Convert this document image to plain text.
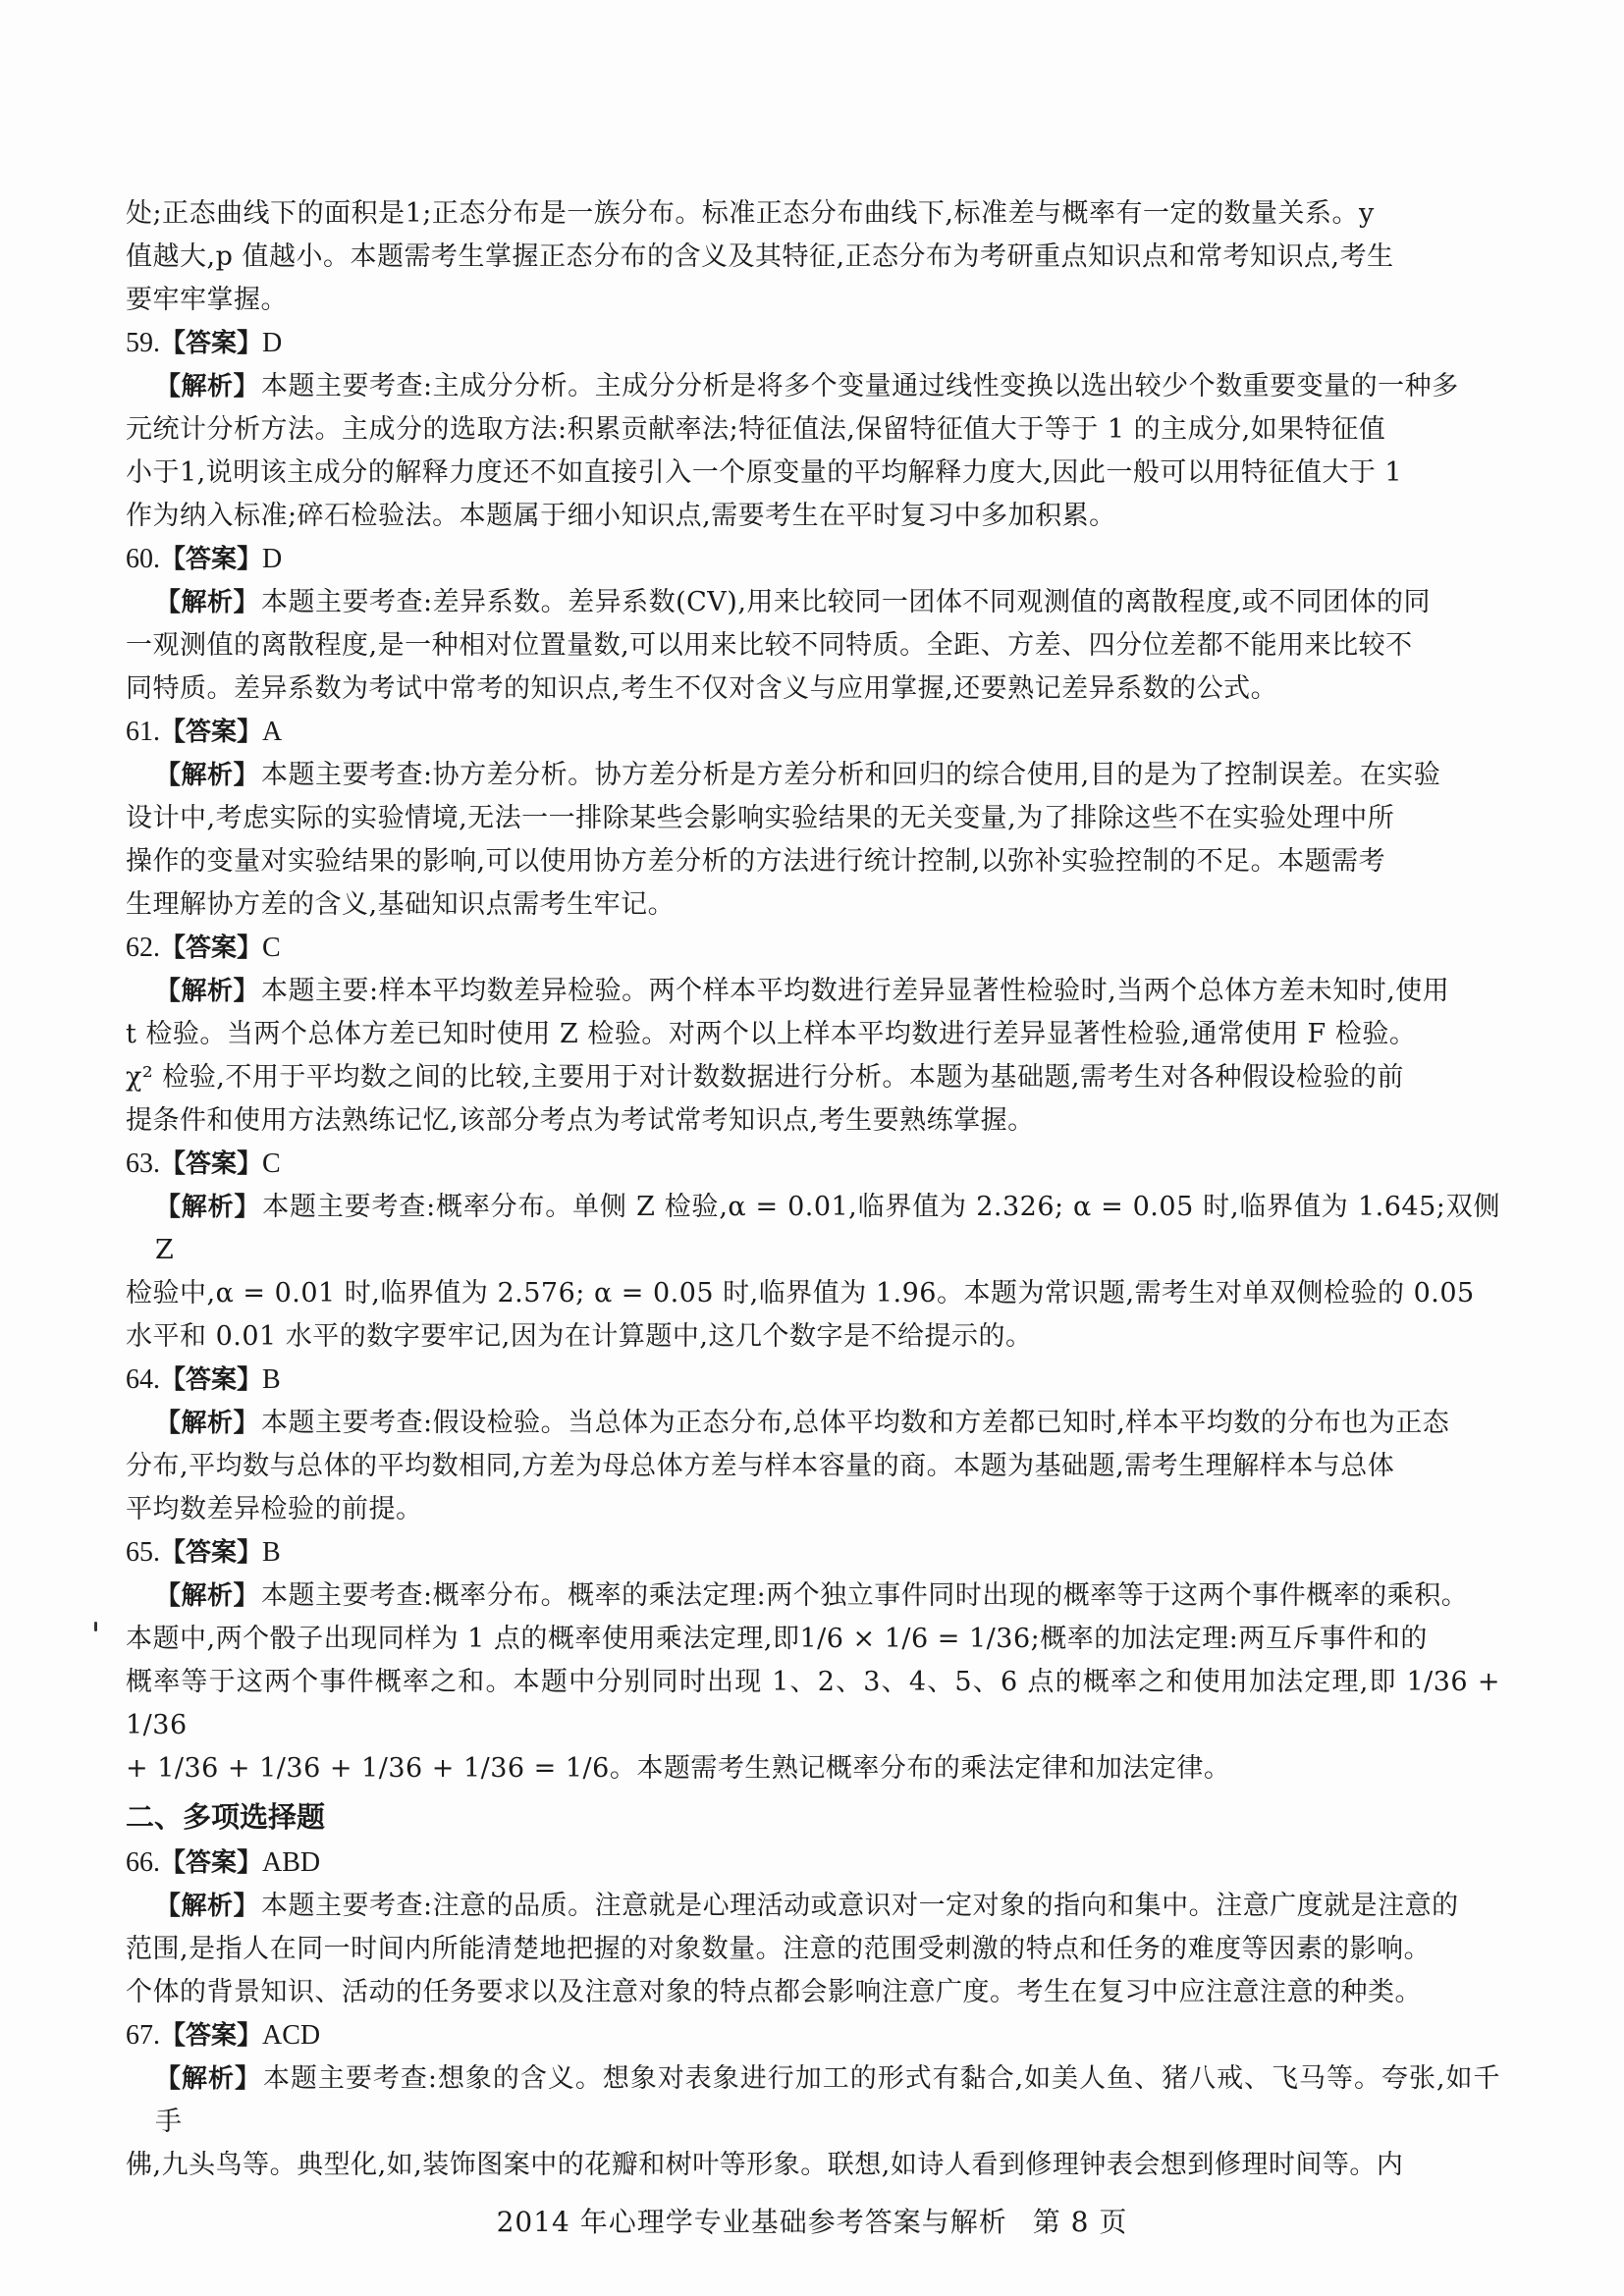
处;正态曲线下的面积是1;正态分布是一族分布。标准正态分布曲线下,标准差与概率有一定的数量关系。y

值越大,p 值越小。本题需考生掌握正态分布的含义及其特征,正态分布为考研重点知识点和常考知识点,考生

要牢牢掌握。

59. 【答案】 D

【解析】本题主要考查:主成分分析。主成分分析是将多个变量通过线性变换以选出较少个数重要变量的一种多

元统计分析方法。主成分的选取方法:积累贡献率法;特征值法,保留特征值大于等于 1 的主成分,如果特征值

小于1,说明该主成分的解释力度还不如直接引入一个原变量的平均解释力度大,因此一般可以用特征值大于 1

作为纳入标准;碎石检验法。本题属于细小知识点,需要考生在平时复习中多加积累。

60. 【答案】 D

【解析】本题主要考查:差异系数。差异系数(CV),用来比较同一团体不同观测值的离散程度,或不同团体的同

一观测值的离散程度,是一种相对位置量数,可以用来比较不同特质。全距、方差、四分位差都不能用来比较不

同特质。差异系数为考试中常考的知识点,考生不仅对含义与应用掌握,还要熟记差异系数的公式。

61. 【答案】 A

【解析】本题主要考查:协方差分析。协方差分析是方差分析和回归的综合使用,目的是为了控制误差。在实验

设计中,考虑实际的实验情境,无法一一排除某些会影响实验结果的无关变量,为了排除这些不在实验处理中所

操作的变量对实验结果的影响,可以使用协方差分析的方法进行统计控制,以弥补实验控制的不足。本题需考

生理解协方差的含义,基础知识点需考生牢记。

62. 【答案】 C

【解析】本题主要:样本平均数差异检验。两个样本平均数进行差异显著性检验时,当两个总体方差未知时,使用

t 检验。当两个总体方差已知时使用 Z 检验。对两个以上样本平均数进行差异显著性检验,通常使用 F 检验。

χ² 检验,不用于平均数之间的比较,主要用于对计数数据进行分析。本题为基础题,需考生对各种假设检验的前

提条件和使用方法熟练记忆,该部分考点为考试常考知识点,考生要熟练掌握。

63. 【答案】 C

【解析】本题主要考查:概率分布。单侧 Z 检验,α = 0.01,临界值为 2.326; α = 0.05 时,临界值为 1.645;双侧 Z

检验中,α = 0.01 时,临界值为 2.576; α = 0.05 时,临界值为 1.96。本题为常识题,需考生对单双侧检验的 0.05

水平和 0.01 水平的数字要牢记,因为在计算题中,这几个数字是不给提示的。

64. 【答案】 B

【解析】本题主要考查:假设检验。当总体为正态分布,总体平均数和方差都已知时,样本平均数的分布也为正态

分布,平均数与总体的平均数相同,方差为母总体方差与样本容量的商。本题为基础题,需考生理解样本与总体

平均数差异检验的前提。

65. 【答案】 B

【解析】本题主要考查:概率分布。概率的乘法定理:两个独立事件同时出现的概率等于这两个事件概率的乘积。

本题中,两个骰子出现同样为 1 点的概率使用乘法定理,即1/6 × 1/6 = 1/36;概率的加法定理:两互斥事件和的

概率等于这两个事件概率之和。本题中分别同时出现 1、2、3、4、5、6 点的概率之和使用加法定理,即 1/36 + 1/36

+ 1/36 + 1/36 + 1/36 + 1/36 = 1/6。本题需考生熟记概率分布的乘法定律和加法定律。

二、多项选择题
66. 【答案】 ABD

【解析】本题主要考查:注意的品质。注意就是心理活动或意识对一定对象的指向和集中。注意广度就是注意的

范围,是指人在同一时间内所能清楚地把握的对象数量。注意的范围受刺激的特点和任务的难度等因素的影响。

个体的背景知识、活动的任务要求以及注意对象的特点都会影响注意广度。考生在复习中应注意注意的种类。

67. 【答案】 ACD

【解析】本题主要考查:想象的含义。想象对表象进行加工的形式有黏合,如美人鱼、猪八戒、飞马等。夸张,如千手

佛,九头鸟等。典型化,如,装饰图案中的花瓣和树叶等形象。联想,如诗人看到修理钟表会想到修理时间等。内

2014 年心理学专业基础参考答案与解析 第 8 页
